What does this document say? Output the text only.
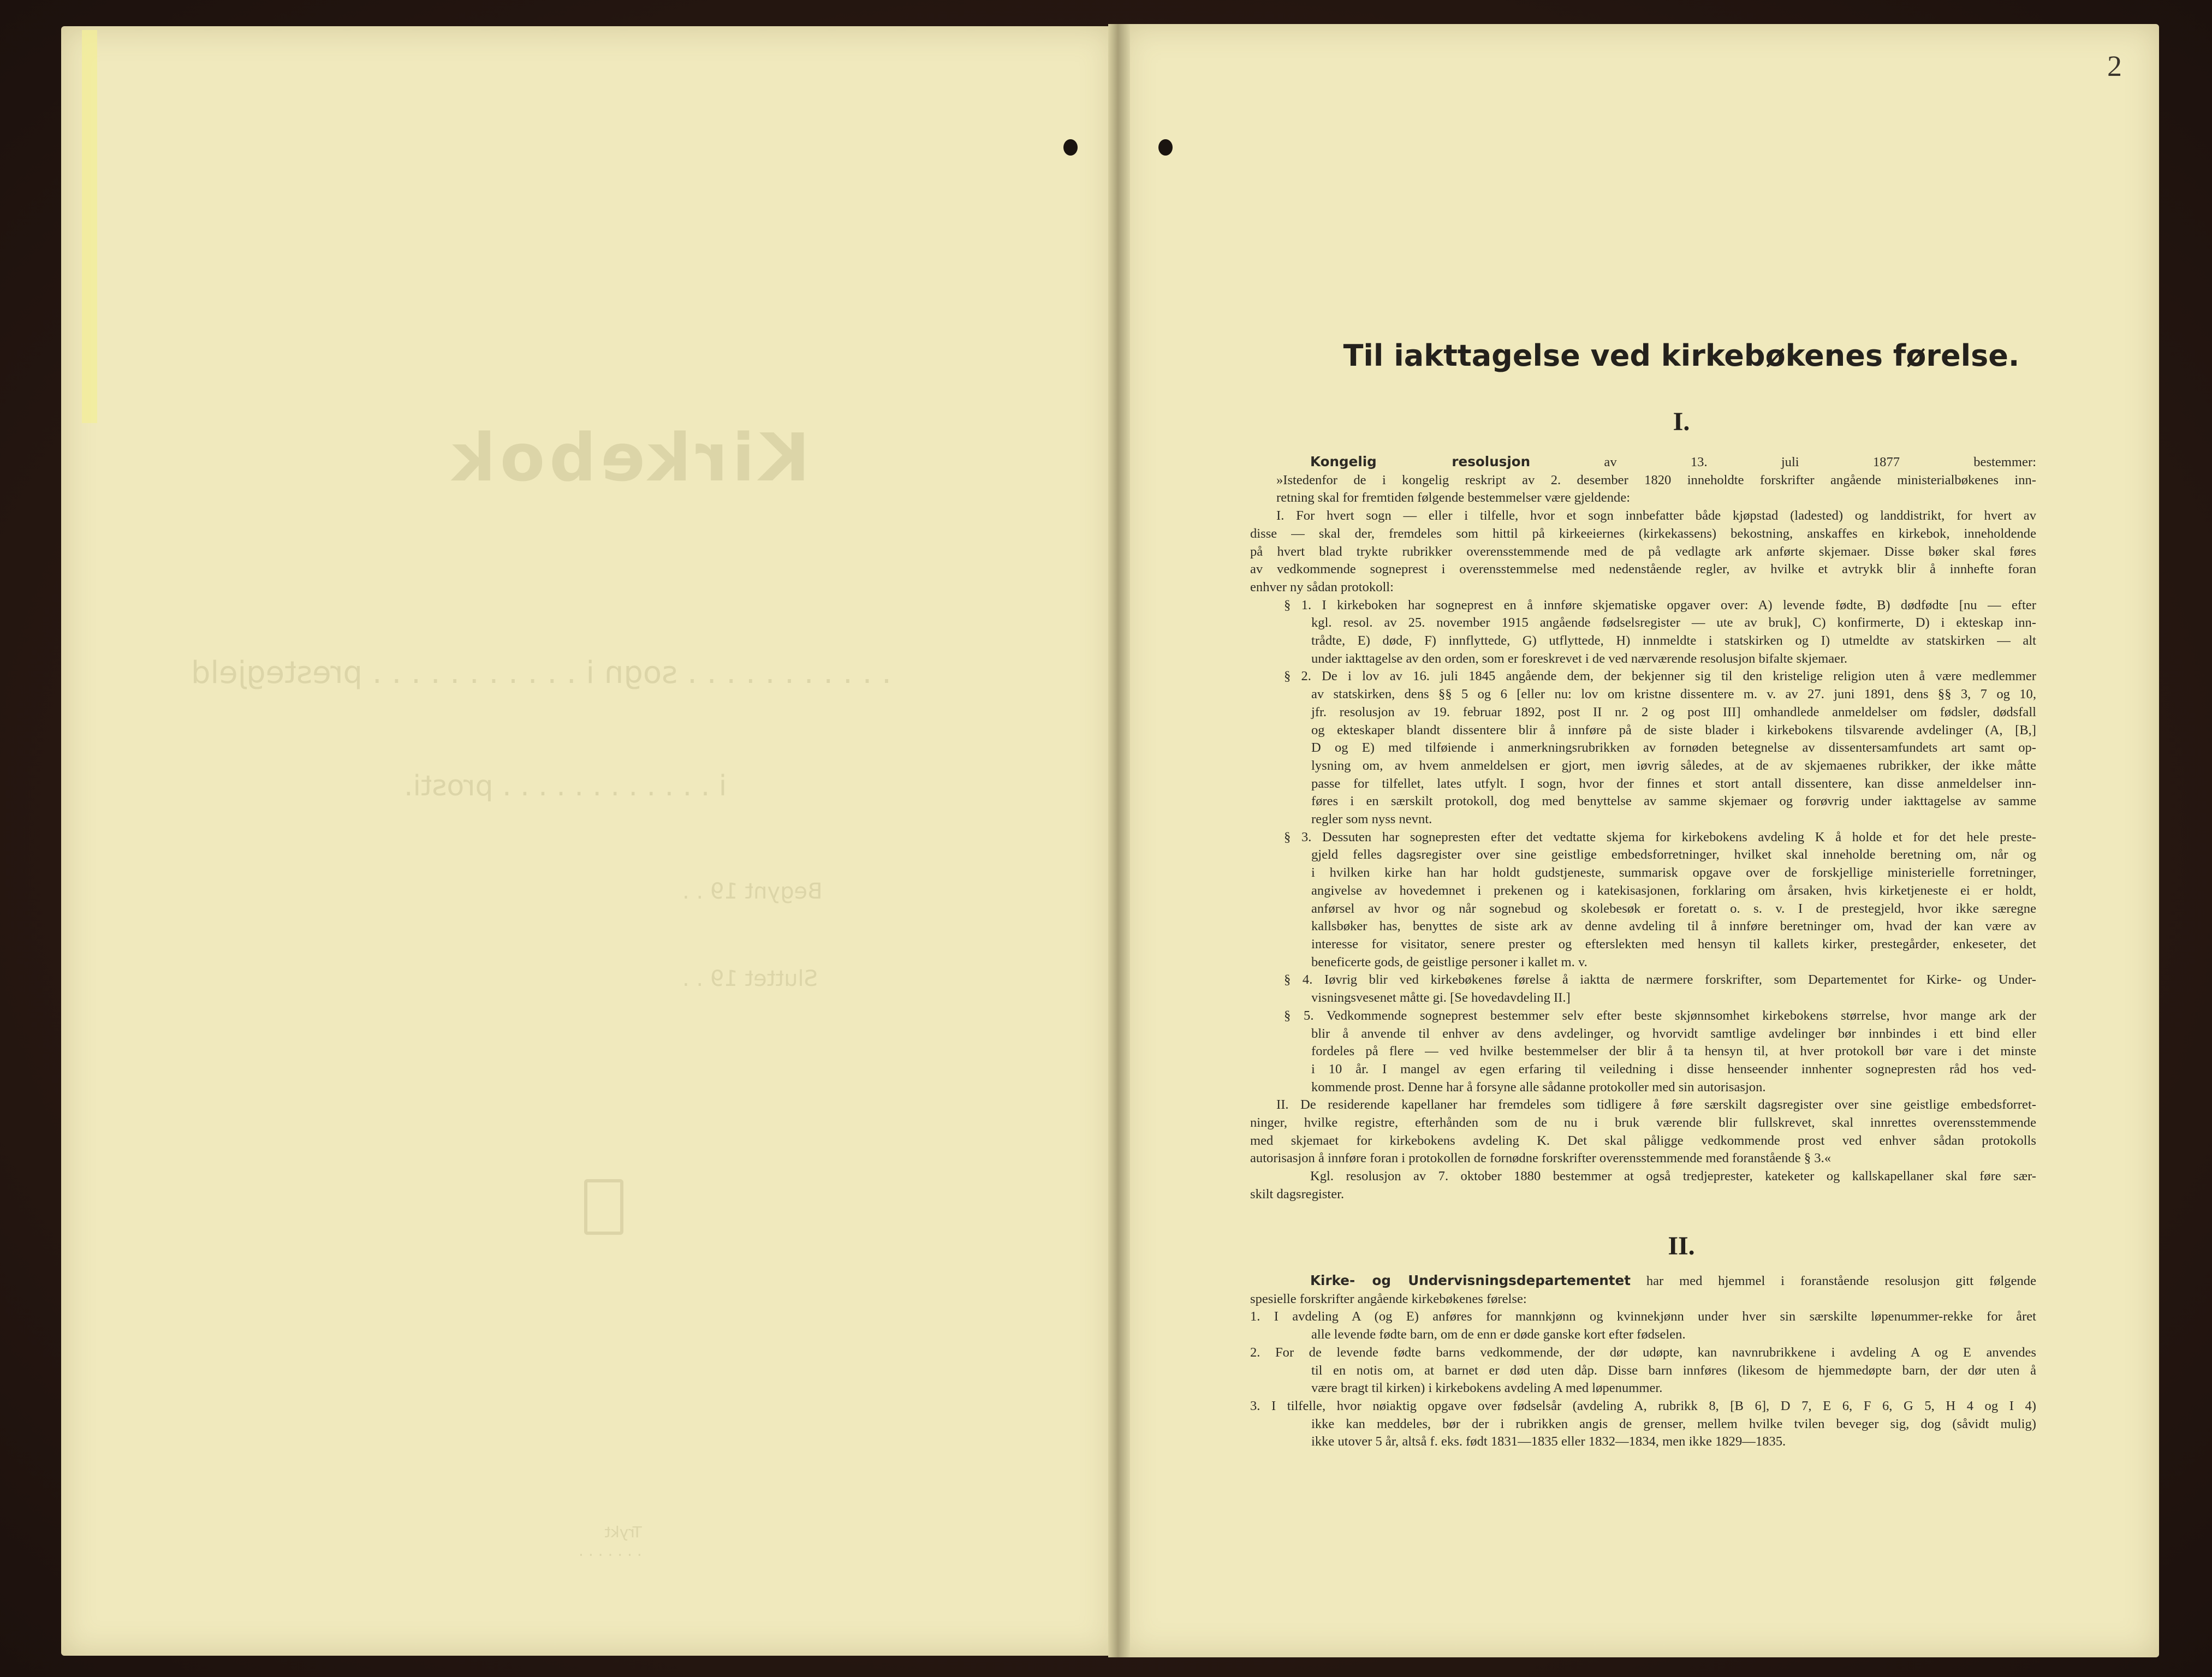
Kirkebok
. . . . . . . . . . . sogn i . . . . . . . . . . . prestegjeld
i . . . . . . . . . . . . prosti.
Begynt 19 . .
Sluttet 19 . .
Trykt
. . . . . . .
2
Til iakttagelse ved kirkebøkenes førelse.
I.
Kongelig resolusjon av 13. juli 1877 bestemmer:
»Istedenfor de i kongelig reskript av 2. desember 1820 inneholdte forskrifter angående ministerialbøkenes inn-
retning skal for fremtiden følgende bestemmelser være gjeldende:
I. For hvert sogn — eller i tilfelle, hvor et sogn innbefatter både kjøpstad (ladested) og landdistrikt, for hvert av
disse — skal der, fremdeles som hittil på kirkeeiernes (kirkekassens) bekostning, anskaffes en kirkebok, inneholdende
på hvert blad trykte rubrikker overensstemmende med de på vedlagte ark anførte skjemaer. Disse bøker skal føres
av vedkommende sogneprest i overensstemmelse med nedenstående regler, av hvilke et avtrykk blir å innhefte foran
enhver ny sådan protokoll:
§ 1. I kirkeboken har sogneprest en å innføre skjematiske opgaver over: A) levende fødte, B) dødfødte [nu — efter
kgl. resol. av 25. november 1915 angående fødselsregister — ute av bruk], C) konfirmerte, D) i ekteskap inn-
trådte, E) døde, F) innflyttede, G) utflyttede, H) innmeldte i statskirken og I) utmeldte av statskirken — alt
under iakttagelse av den orden, som er foreskrevet i de ved nærværende resolusjon bifalte skjemaer.
§ 2. De i lov av 16. juli 1845 angående dem, der bekjenner sig til den kristelige religion uten å være medlemmer
av statskirken, dens §§ 5 og 6 [eller nu: lov om kristne dissentere m. v. av 27. juni 1891, dens §§ 3, 7 og 10,
jfr. resolusjon av 19. februar 1892, post II nr. 2 og post III] omhandlede anmeldelser om fødsler, dødsfall
og ekteskaper blandt dissentere blir å innføre på de siste blader i kirkebokens tilsvarende avdelinger (A, [B,]
D og E) med tilføiende i anmerkningsrubrikken av fornøden betegnelse av dissentersamfundets art samt op-
lysning om, av hvem anmeldelsen er gjort, men iøvrig således, at de av skjemaenes rubrikker, der ikke måtte
passe for tilfellet, lates utfylt. I sogn, hvor der finnes et stort antall dissentere, kan disse anmeldelser inn-
føres i en særskilt protokoll, dog med benyttelse av samme skjemaer og forøvrig under iakttagelse av samme
regler som nyss nevnt.
§ 3. Dessuten har sognepresten efter det vedtatte skjema for kirkebokens avdeling K å holde et for det hele preste-
gjeld felles dagsregister over sine geistlige embedsforretninger, hvilket skal inneholde beretning om, når og
i hvilken kirke han har holdt gudstjeneste, summarisk opgave over de forskjellige ministerielle forretninger,
angivelse av hovedemnet i prekenen og i katekisasjonen, forklaring om årsaken, hvis kirketjeneste ei er holdt,
anførsel av hvor og når sognebud og skolebesøk er foretatt o. s. v. I de prestegjeld, hvor ikke særegne
kallsbøker has, benyttes de siste ark av denne avdeling til å innføre beretninger om, hvad der kan være av
interesse for visitator, senere prester og efterslekten med hensyn til kallets kirker, prestegårder, enkeseter, det
beneficerte gods, de geistlige personer i kallet m. v.
§ 4. Iøvrig blir ved kirkebøkenes førelse å iaktta de nærmere forskrifter, som Departementet for Kirke- og Under-
visningsvesenet måtte gi. [Se hovedavdeling II.]
§ 5. Vedkommende sogneprest bestemmer selv efter beste skjønnsomhet kirkebokens størrelse, hvor mange ark der
blir å anvende til enhver av dens avdelinger, og hvorvidt samtlige avdelinger bør innbindes i ett bind eller
fordeles på flere — ved hvilke bestemmelser der blir å ta hensyn til, at hver protokoll bør vare i det minste
i 10 år. I mangel av egen erfaring til veiledning i disse henseender innhenter sognepresten råd hos ved-
kommende prost. Denne har å forsyne alle sådanne protokoller med sin autorisasjon.
II. De residerende kapellaner har fremdeles som tidligere å føre særskilt dagsregister over sine geistlige embedsforret-
ninger, hvilke registre, efterhånden som de nu i bruk værende blir fullskrevet, skal innrettes overensstemmende
med skjemaet for kirkebokens avdeling K. Det skal påligge vedkommende prost ved enhver sådan protokolls
autorisasjon å innføre foran i protokollen de fornødne forskrifter overensstemmende med foranstående § 3.«
Kgl. resolusjon av 7. oktober 1880 bestemmer at også tredjeprester, kateketer og kallskapellaner skal føre sær-
skilt dagsregister.
II.
Kirke- og Undervisningsdepartementet har med hjemmel i foranstående resolusjon gitt følgende
spesielle forskrifter angående kirkebøkenes førelse:
1. I avdeling A (og E) anføres for mannkjønn og kvinnekjønn under hver sin særskilte løpenummer-rekke for året
alle levende fødte barn, om de enn er døde ganske kort efter fødselen.
2. For de levende fødte barns vedkommende, der dør udøpte, kan navnrubrikkene i avdeling A og E anvendes
til en notis om, at barnet er død uten dåp. Disse barn innføres (likesom de hjemmedøpte barn, der dør uten å
være bragt til kirken) i kirkebokens avdeling A med løpenummer.
3. I tilfelle, hvor nøiaktig opgave over fødselsår (avdeling A, rubrikk 8, [B 6], D 7, E 6, F 6, G 5, H 4 og I 4)
ikke kan meddeles, bør der i rubrikken angis de grenser, mellem hvilke tvilen beveger sig, dog (såvidt mulig)
ikke utover 5 år, altså f. eks. født 1831—1835 eller 1832—1834, men ikke 1829—1835.
